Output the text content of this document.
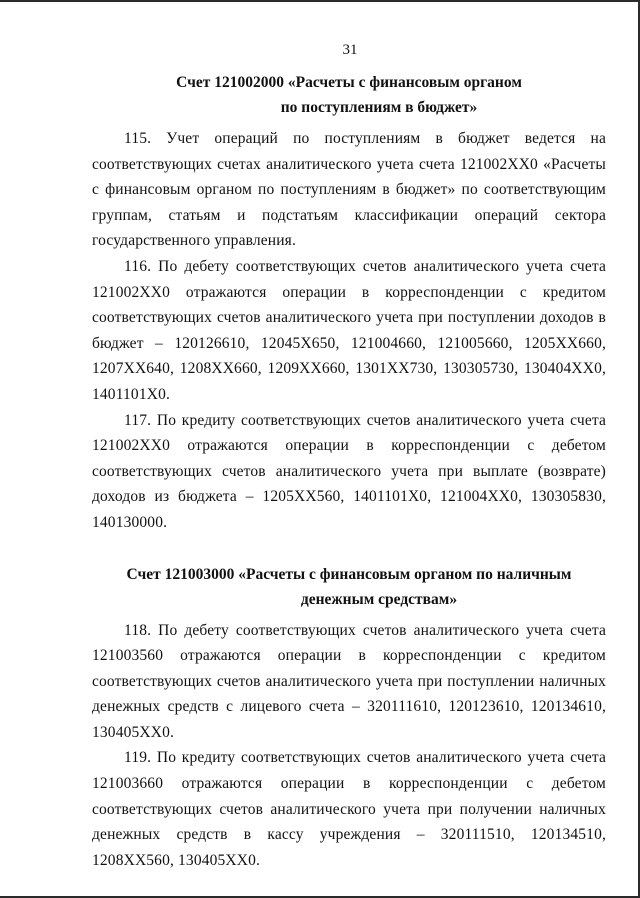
31
Счет 121002000 «Расчеты с финансовым органом
по поступлениям в бюджет»

115. Учет операций по поступлениям в бюджет ведется на соответствующих счетах аналитического учета счета 121002ХХ0 «Расчеты с финансовым органом по поступлениям в бюджет» по соответствующим группам, статьям и подстатьям классификации операций сектора государственного управления.

116. По дебету соответствующих счетов аналитического учета счета 121002ХХ0 отражаются операции в корреспонденции с кредитом соответствующих счетов аналитического учета при поступлении доходов в бюджет – 120126610, 12045Х650, 121004660, 121005660, 1205ХХ660, 1207ХХ640, 1208ХХ660, 1209ХХ660, 1301ХХ730, 130305730, 130404ХХ0, 1401101Х0.

117. По кредиту соответствующих счетов аналитического учета счета 121002ХХ0 отражаются операции в корреспонденции с дебетом соответствующих счетов аналитического учета при выплате (возврате) доходов из бюджета – 1205ХХ560, 1401101Х0, 121004ХХ0, 130305830, 140130000.

Счет 121003000 «Расчеты с финансовым органом по наличным
денежным средствам»

118. По дебету соответствующих счетов аналитического учета счета 121003560 отражаются операции в корреспонденции с кредитом соответствующих счетов аналитического учета при поступлении наличных денежных средств с лицевого счета – 320111610, 120123610, 120134610, 130405ХХ0.

119. По кредиту соответствующих счетов аналитического учета счета 121003660 отражаются операции в корреспонденции с дебетом соответствующих счетов аналитического учета при получении наличных денежных средств в кассу учреждения – 320111510, 120134510, 1208ХХ560, 130405ХХ0.
